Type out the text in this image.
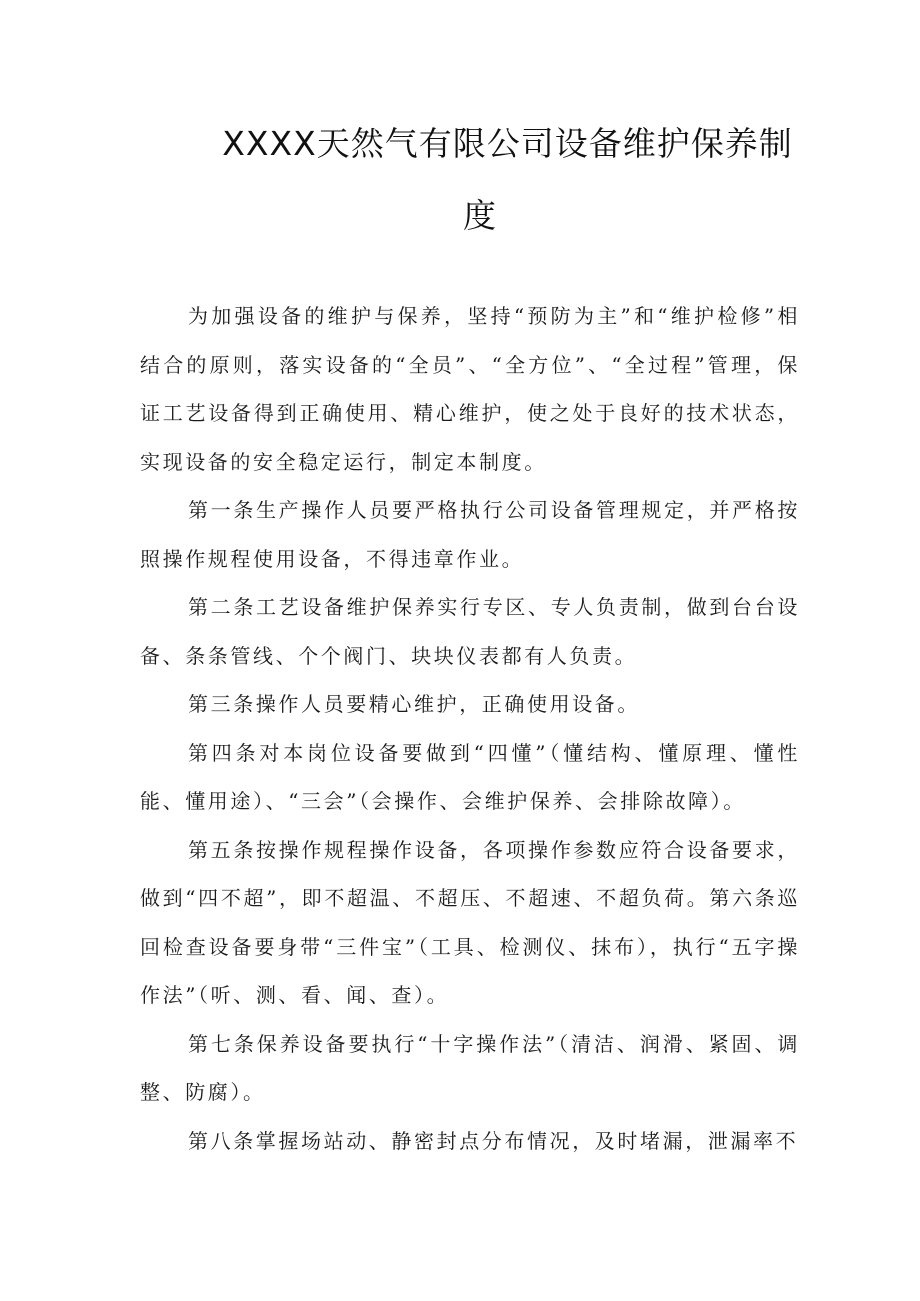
XXXX天然气有限公司设备维护保养制
度

为加强设备的维护与保养，坚持“预防为主”和“维护检修”相结合的原则，落实设备的“全员”、“全方位”、“全过程”管理，保证工艺设备得到正确使用、精心维护，使之处于良好的技术状态，实现设备的安全稳定运行，制定本制度。

第一条生产操作人员要严格执行公司设备管理规定，并严格按照操作规程使用设备，不得违章作业。

第二条工艺设备维护保养实行专区、专人负责制，做到台台设备、条条管线、个个阀门、块块仪表都有人负责。

第三条操作人员要精心维护，正确使用设备。

第四条对本岗位设备要做到“四懂”（懂结构、懂原理、懂性能、懂用途）、“三会”（会操作、会维护保养、会排除故障）。

第五条按操作规程操作设备，各项操作参数应符合设备要求，做到“四不超”，即不超温、不超压、不超速、不超负荷。第六条巡回检查设备要身带“三件宝”（工具、检测仪、抹布），执行“五字操作法”（听、测、看、闻、查）。

第七条保养设备要执行“十字操作法”（清洁、润滑、紧固、调整、防腐）。

第八条掌握场站动、静密封点分布情况，及时堵漏，泄漏率不
